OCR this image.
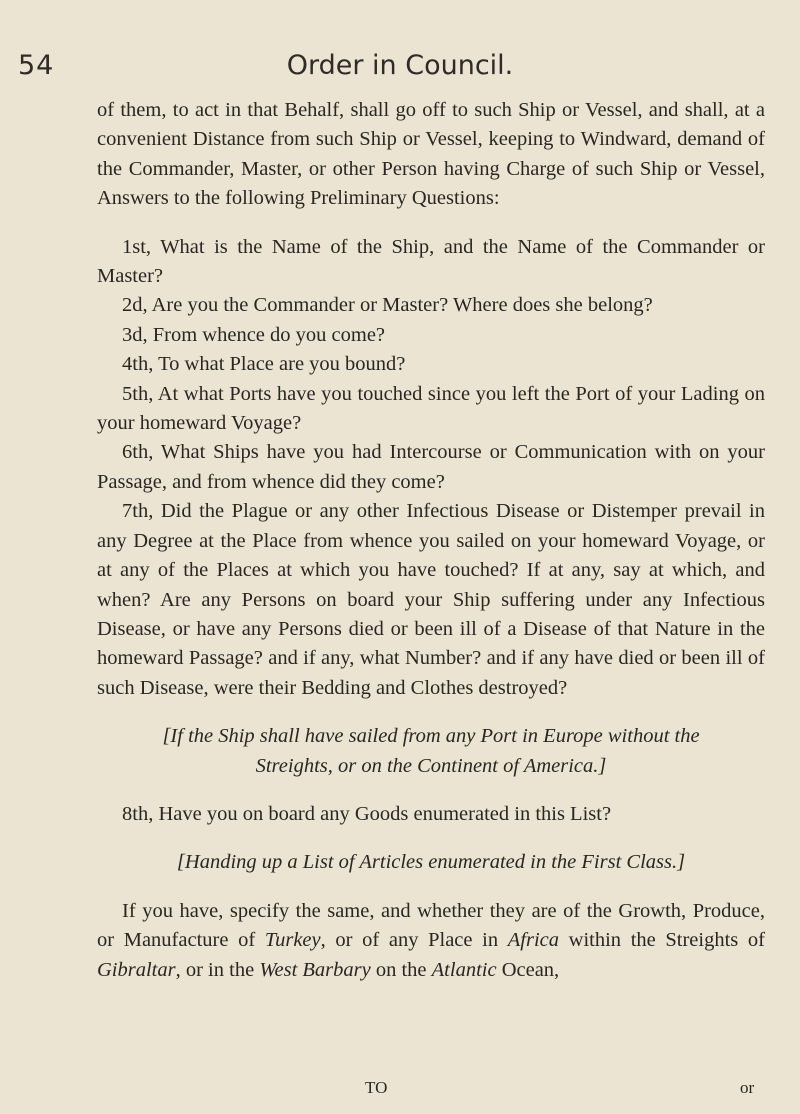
54	Order in Council.

of them, to act in that Behalf, shall go off to such Ship or Vessel, and shall, at a convenient Distance from such Ship or Vessel, keeping to Windward, demand of the Commander, Master, or other Person having Charge of such Ship or Vessel, Answers to the following Preliminary Questions:

1st, What is the Name of the Ship, and the Name of the Commander or Master?

2d, Are you the Commander or Master? Where does she belong?

3d, From whence do you come?

4th, To what Place are you bound?

5th, At what Ports have you touched since you left the Port of your Lading on your homeward Voyage?

6th, What Ships have you had Intercourse or Communication with on your Passage, and from whence did they come?

7th, Did the Plague or any other Infectious Disease or Distemper prevail in any Degree at the Place from whence you sailed on your homeward Voyage, or at any of the Places at which you have touched? If at any, say at which, and when? Are any Persons on board your Ship suffering under any Infectious Disease, or have any Persons died or been ill of a Disease of that Nature in the homeward Passage? and if any, what Number? and if any have died or been ill of such Disease, were their Bedding and Clothes destroyed?

[If the Ship shall have sailed from any Port in Europe without the Streights, or on the Continent of America.]

8th, Have you on board any Goods enumerated in this List?

[Handing up a List of Articles enumerated in the First Class.]

If you have, specify the same, and whether they are of the Growth, Produce, or Manufacture of Turkey, or of any Place in Africa within the Streights of Gibraltar, or in the West Barbary on the Atlantic Ocean,

TO	or
